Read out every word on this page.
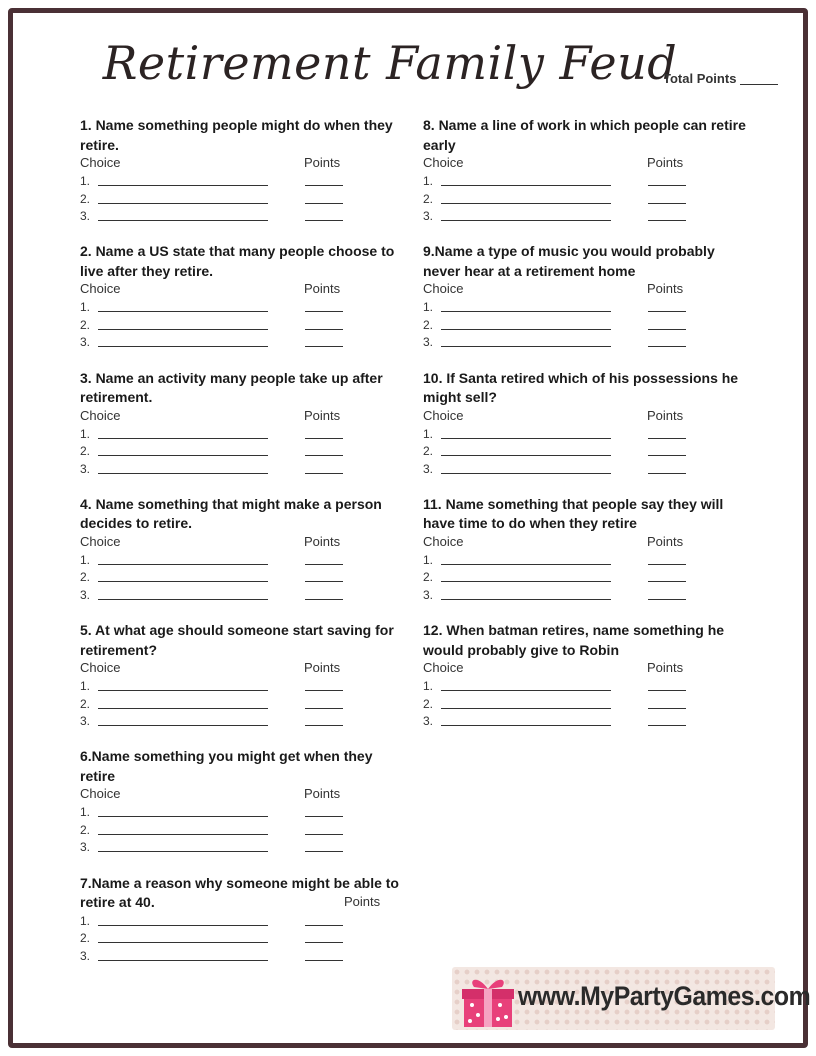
Retirement Family Feud
Total Points

1. Name something people might do when they retire.

Choice	Points
1.
2.
3.

2. Name a US state that many people choose to live after they retire.

Choice	Points
1.
2.
3.

3. Name an activity many people take up after retirement.

Choice	Points
1.
2.
3.

4. Name something that might make a person decides to retire.

Choice	Points
1.
2.
3.

5. At what age should someone start saving for retirement?

Choice	Points
1.
2.
3.

6.Name something you might get when they retire

Choice	Points
1.
2.
3.

7.Name a reason why someone might be able to retire at 40.	Points
1.
2.
3.

8. Name a line of work in which people can retire early

Choice	Points
1.
2.
3.

9.Name a type of music you would probably never hear at a retirement home

Choice	Points
1.
2.
3.

10. If Santa retired which of his possessions he might sell?

Choice	Points
1.
2.
3.

11. Name something that people say they will have time to do when they retire

Choice	Points
1.
2.
3.

12. When batman retires, name something he would probably give to Robin

Choice	Points
1.
2.
3.
www.MyPartyGames.com
